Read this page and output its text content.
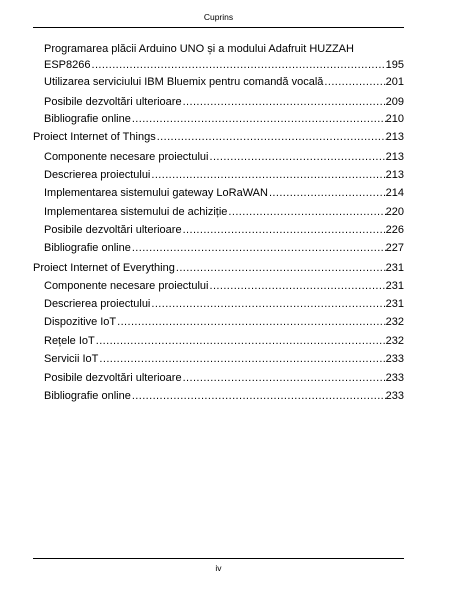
Cuprins
Programarea plăcii Arduino UNO și a modului Adafruit HUZZAH
ESP8266 .....	195
Utilizarea serviciului IBM Bluemix pentru comandă vocală .....	201
Posibile dezvoltări ulterioare .....	209
Bibliografie online .....	210
Proiect Internet of Things .....	213
Componente necesare proiectului .....	213
Descrierea proiectului .....	213
Implementarea sistemului gateway LoRaWAN .....	214
Implementarea sistemului de achiziție .....	220
Posibile dezvoltări ulterioare .....	226
Bibliografie online .....	227
Proiect Internet of Everything .....	231
Componente necesare proiectului .....	231
Descrierea proiectului .....	231
Dispozitive IoT .....	232
Rețele IoT .....	232
Servicii IoT .....	233
Posibile dezvoltări ulterioare .....	233
Bibliografie online .....	233
iv
